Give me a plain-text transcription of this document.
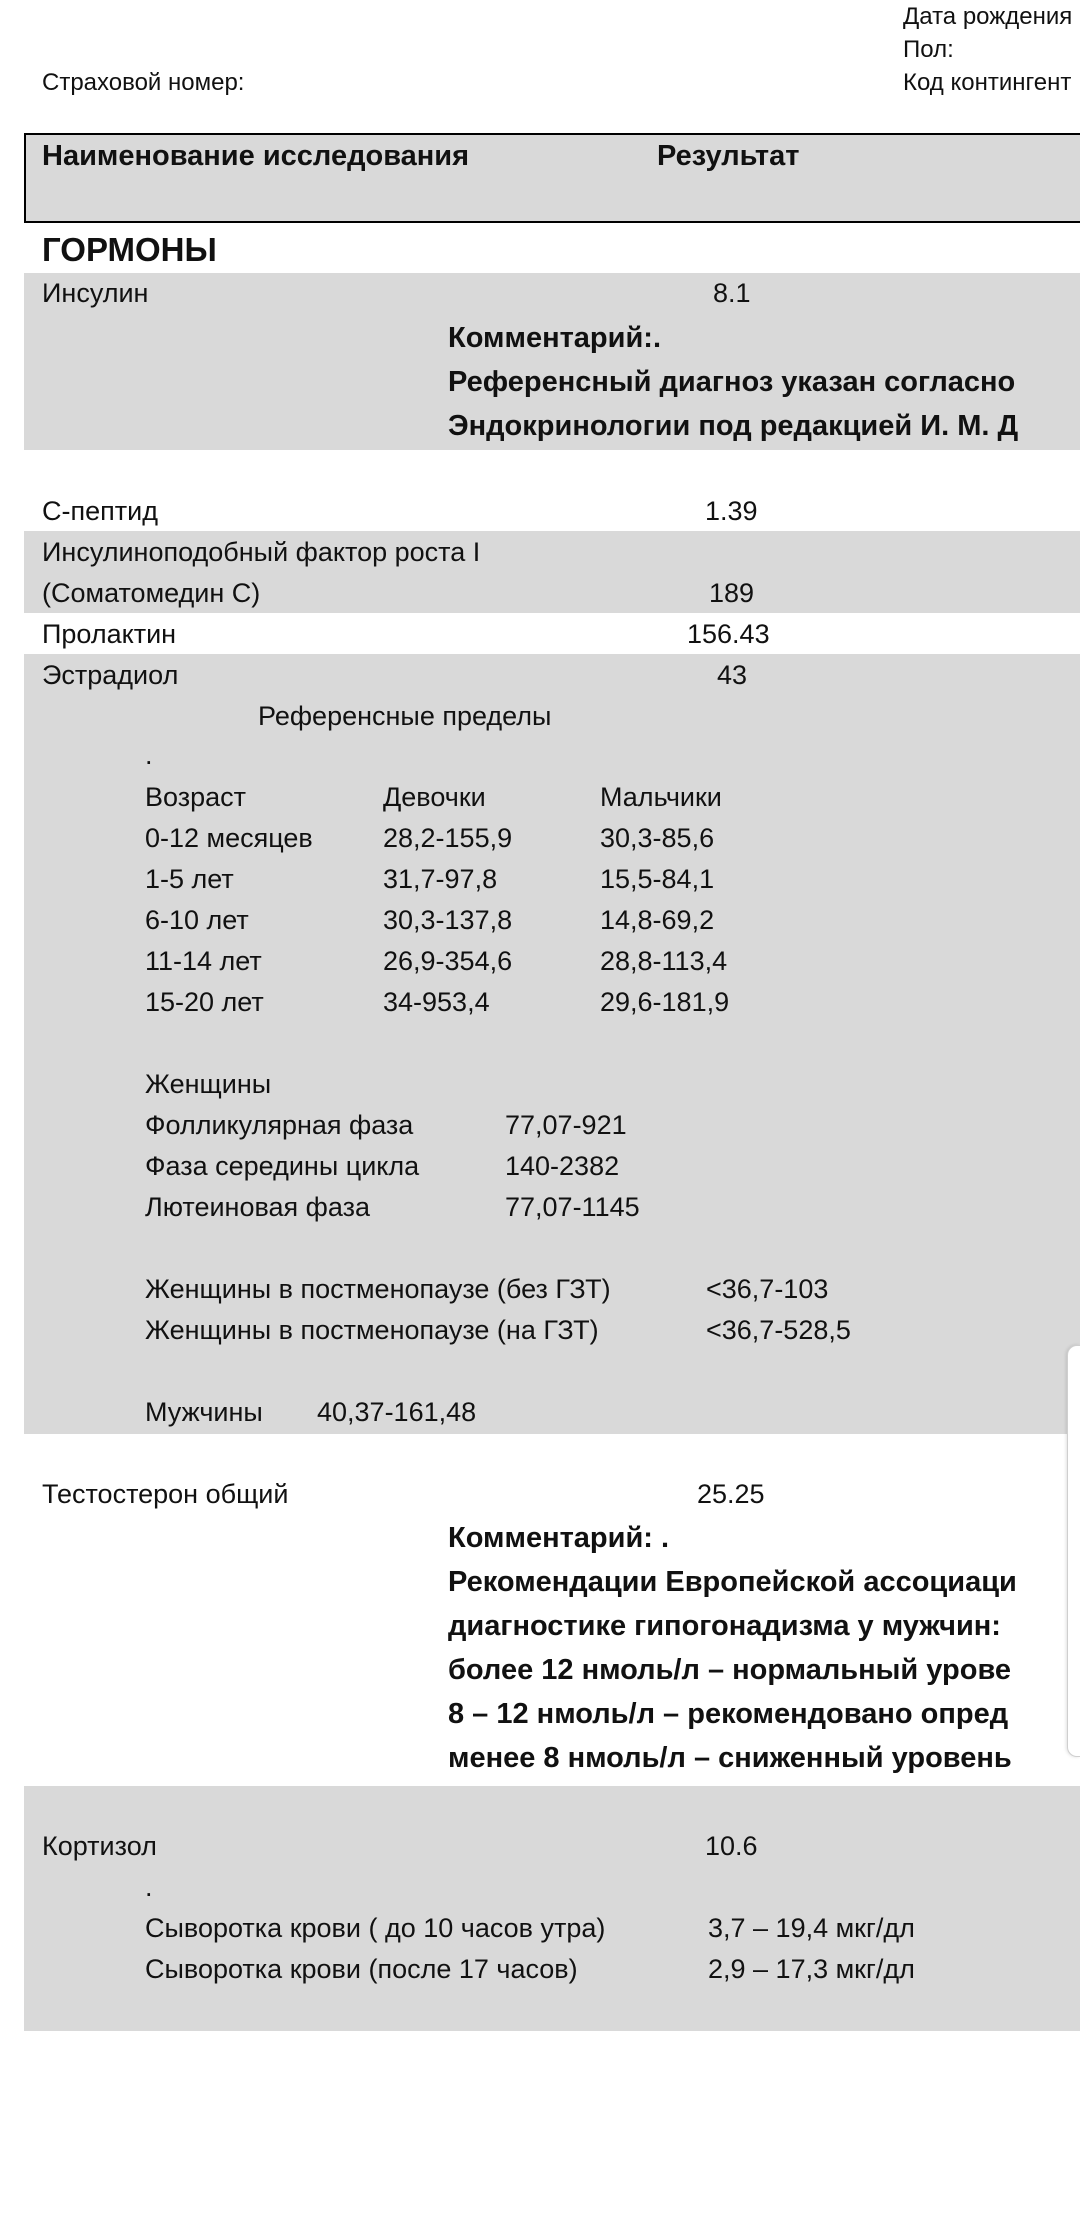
Дата рождения
Пол:
Страховой номер:	Код контингент
Наименование исследования	Результат
ГОРМОНЫ
Инсулин	8.1
Комментарий:.
Референсный диагноз указан согласно
Эндокринологии под редакцией И. М. Д
С-пептид	1.39
Инсулиноподобный фактор роста I
(Соматомедин С)	189
Пролактин	156.43
Эстрадиол	43
Референсные пределы
.
Возраст	Девочки	Мальчики
0-12 месяцев	28,2-155,9	30,3-85,6
1-5 лет	31,7-97,8	15,5-84,1
6-10 лет	30,3-137,8	14,8-69,2
11-14 лет	26,9-354,6	28,8-113,4
15-20 лет	34-953,4	29,6-181,9
Женщины
Фолликулярная фаза	77,07-921
Фаза середины цикла	140-2382
Лютеиновая фаза	77,07-1145
Женщины в постменопаузе (без ГЗТ)	<36,7-103
Женщины в постменопаузе (на ГЗТ)	<36,7-528,5
Мужчины 40,37-161,48
Тестостерон общий	25.25
Комментарий: .
Рекомендации Европейской ассоциаци
диагностике гипогонадизма у мужчин:
более 12 нмоль/л – нормальный урове
8 – 12 нмоль/л – рекомендовано опред
менее 8 нмоль/л – сниженный уровень
Кортизол	10.6
.
Сыворотка крови ( до 10 часов утра)	3,7 – 19,4 мкг/дл
Сыворотка крови (после 17 часов)	2,9 – 17,3 мкг/дл
